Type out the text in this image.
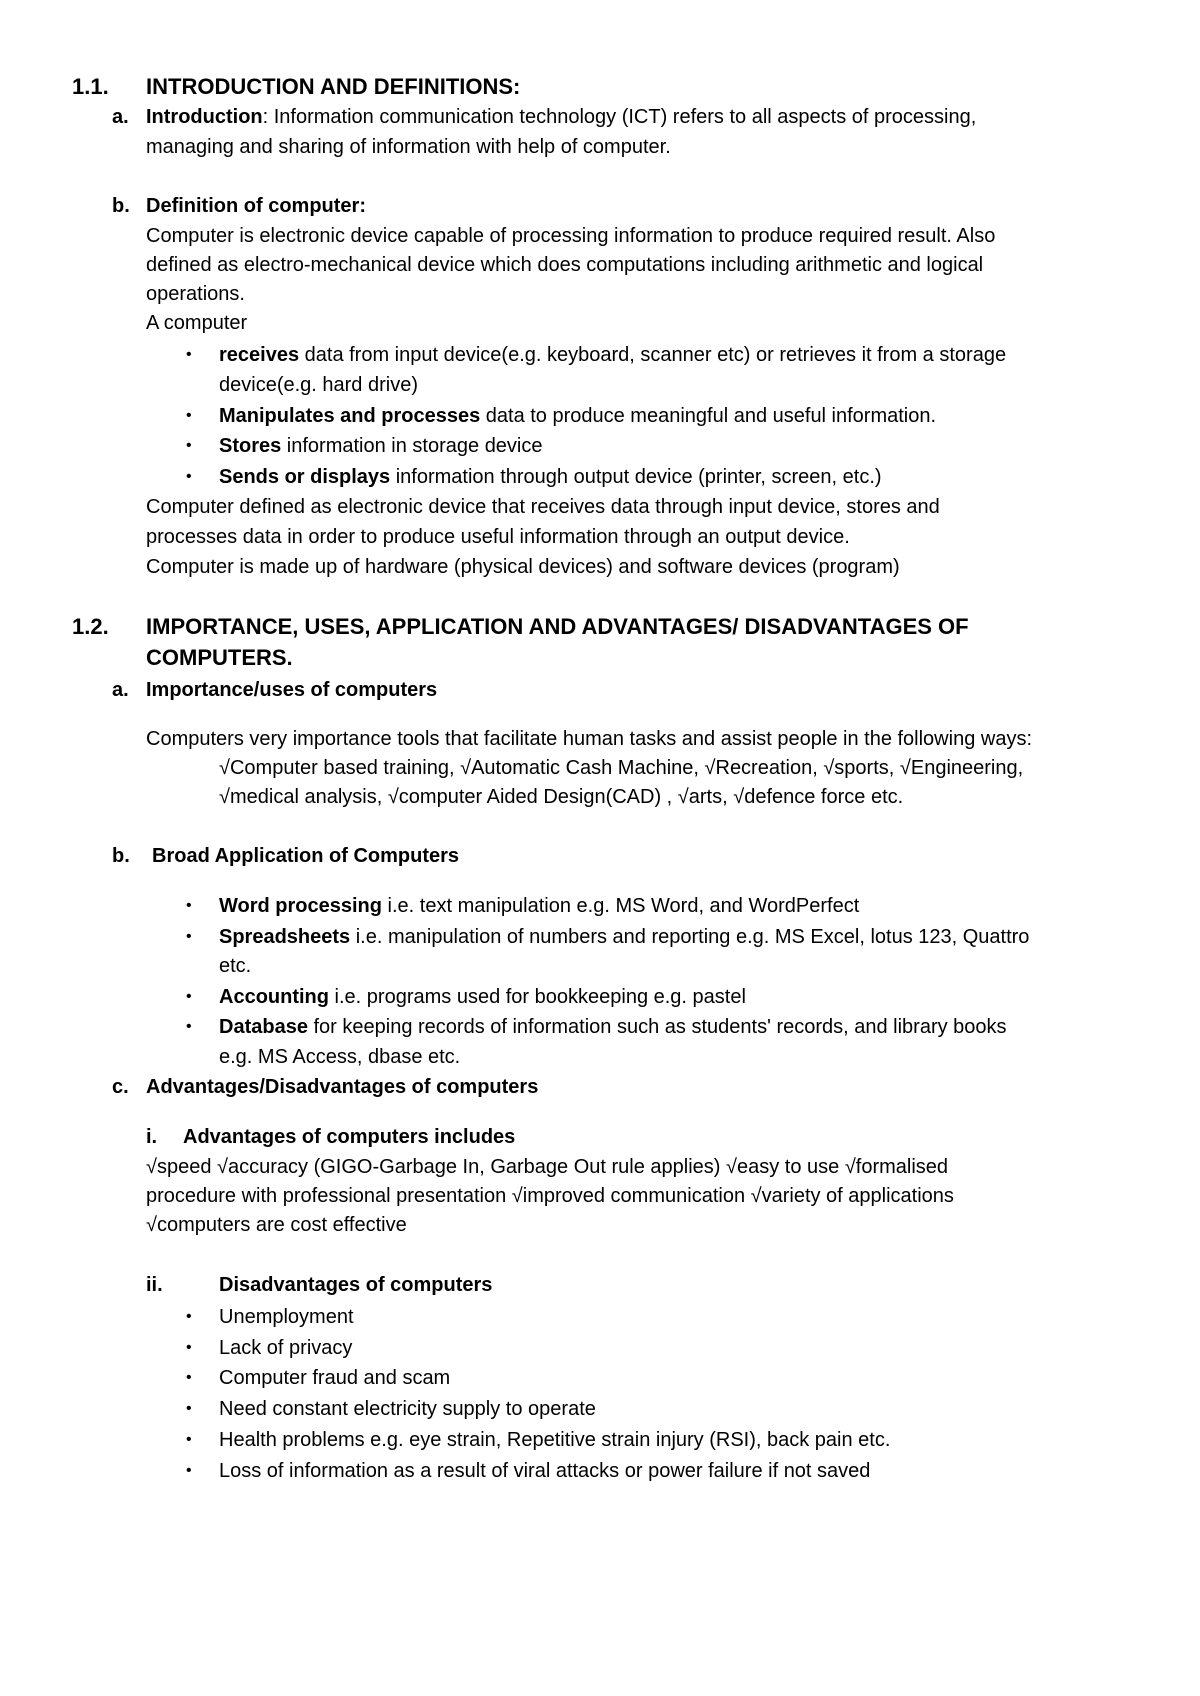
1.1. INTRODUCTION AND DEFINITIONS:
a. Introduction: Information communication technology (ICT) refers to all aspects of processing,
managing and sharing of information with help of computer.
b. Definition of computer:
Computer is electronic device capable of processing information to produce required result. Also
defined as electro-mechanical device which does computations including arithmetic and logical
operations.
A computer
• receives data from input device(e.g. keyboard, scanner etc) or retrieves it from a storage
device(e.g. hard drive)
• Manipulates and processes data to produce meaningful and useful information.
• Stores information in storage device
• Sends or displays information through output device (printer, screen, etc.)
Computer defined as electronic device that receives data through input device, stores and
processes data in order to produce useful information through an output device.
Computer is made up of hardware (physical devices) and software devices (program)
1.2. IMPORTANCE, USES, APPLICATION AND ADVANTAGES/ DISADVANTAGES OF
COMPUTERS.
a. Importance/uses of computers
Computers very importance tools that facilitate human tasks and assist people in the following ways:
√Computer based training, √Automatic Cash Machine, √Recreation, √sports, √Engineering,
√medical analysis, √computer Aided Design(CAD) , √arts, √defence force etc.
b. Broad Application of Computers
• Word processing i.e. text manipulation e.g. MS Word, and WordPerfect
• Spreadsheets i.e. manipulation of numbers and reporting e.g. MS Excel, lotus 123, Quattro
etc.
• Accounting i.e. programs used for bookkeeping e.g. pastel
• Database for keeping records of information such as students' records, and library books
e.g. MS Access, dbase etc.
c. Advantages/Disadvantages of computers
i. Advantages of computers includes
√speed √accuracy (GIGO-Garbage In, Garbage Out rule applies) √easy to use √formalised
procedure with professional presentation √improved communication √variety of applications
√computers are cost effective
ii.	Disadvantages of computers
• Unemployment
• Lack of privacy
• Computer fraud and scam
• Need constant electricity supply to operate
• Health problems e.g. eye strain, Repetitive strain injury (RSI), back pain etc.
• Loss of information as a result of viral attacks or power failure if not saved
